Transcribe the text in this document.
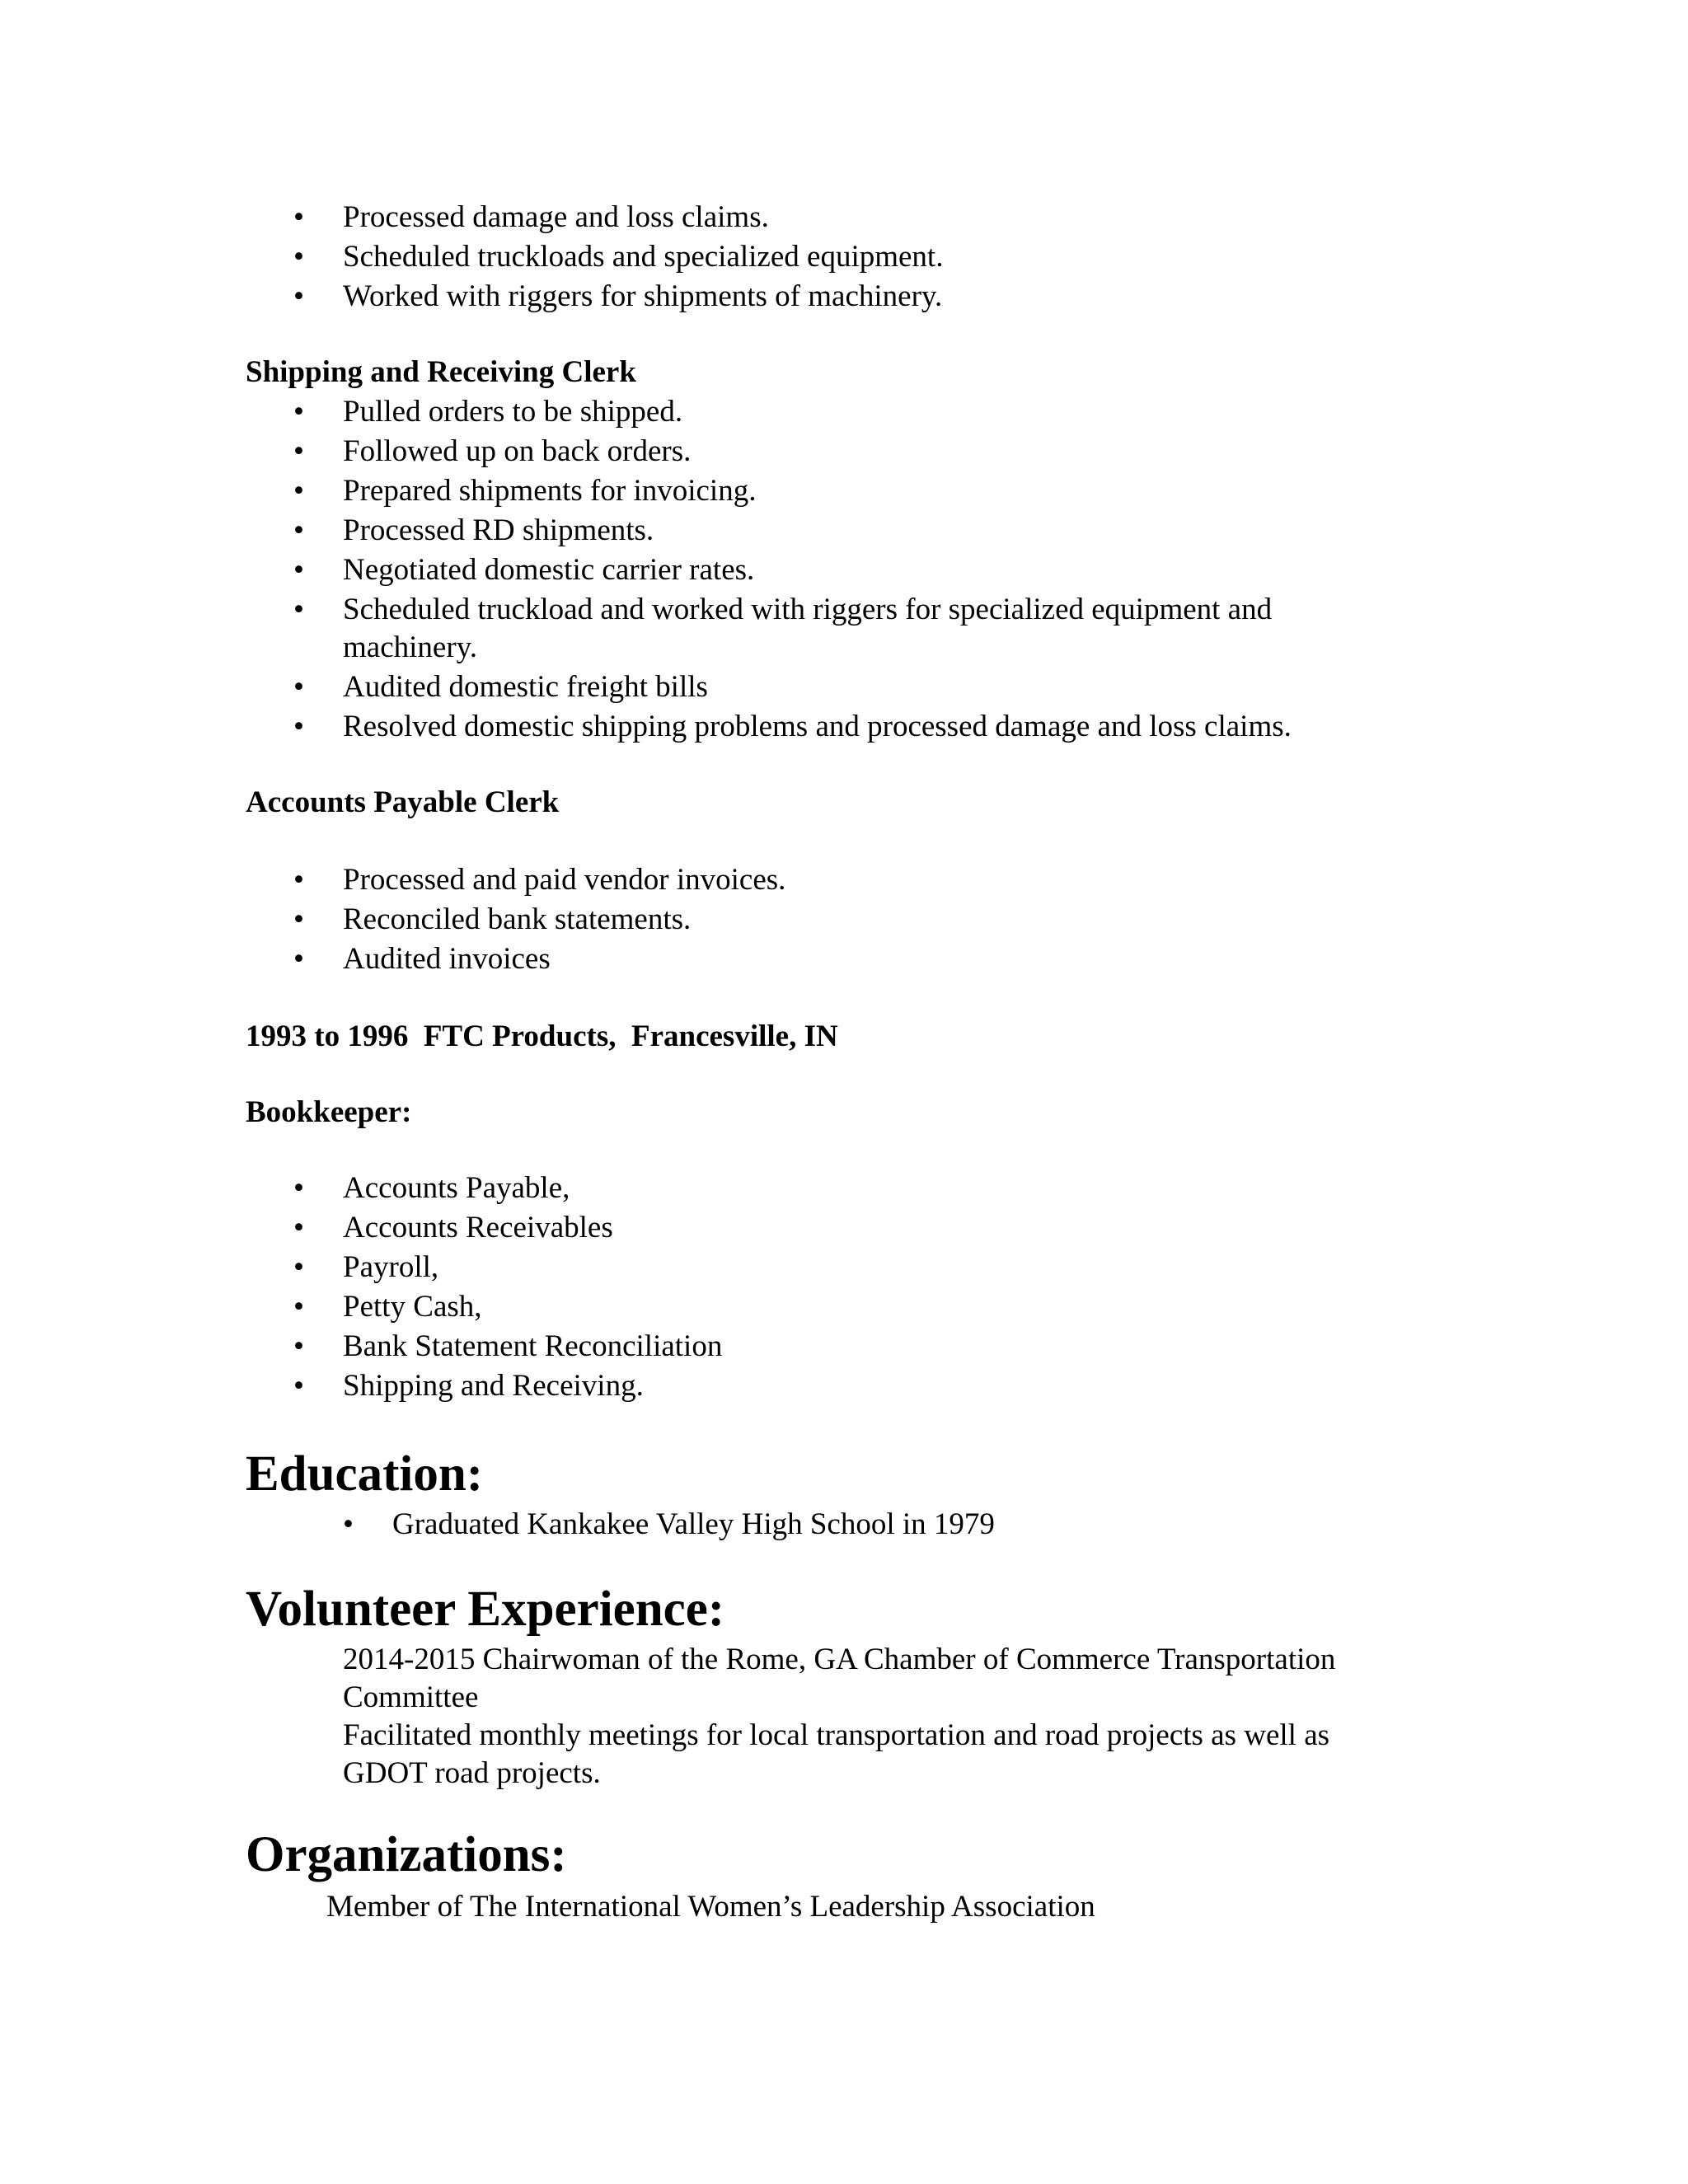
• Processed damage and loss claims.
• Scheduled truckloads and specialized equipment.
• Worked with riggers for shipments of machinery.
Shipping and Receiving Clerk
• Pulled orders to be shipped.
• Followed up on back orders.
• Prepared shipments for invoicing.
• Processed RD shipments.
• Negotiated domestic carrier rates.
• Scheduled truckload and worked with riggers for specialized equipment and
machinery.
• Audited domestic freight bills
• Resolved domestic shipping problems and processed damage and loss claims.
Accounts Payable Clerk
• Processed and paid vendor invoices.
• Reconciled bank statements.
• Audited invoices
1993 to 1996  FTC Products,  Francesville, IN
Bookkeeper:
• Accounts Payable,
• Accounts Receivables
• Payroll,
• Petty Cash,
• Bank Statement Reconciliation
• Shipping and Receiving.
Education:
• Graduated Kankakee Valley High School in 1979
Volunteer Experience:
2014-2015 Chairwoman of the Rome, GA Chamber of Commerce Transportation
Committee
Facilitated monthly meetings for local transportation and road projects as well as
GDOT road projects.
Organizations:
Member of The International Women’s Leadership Association
